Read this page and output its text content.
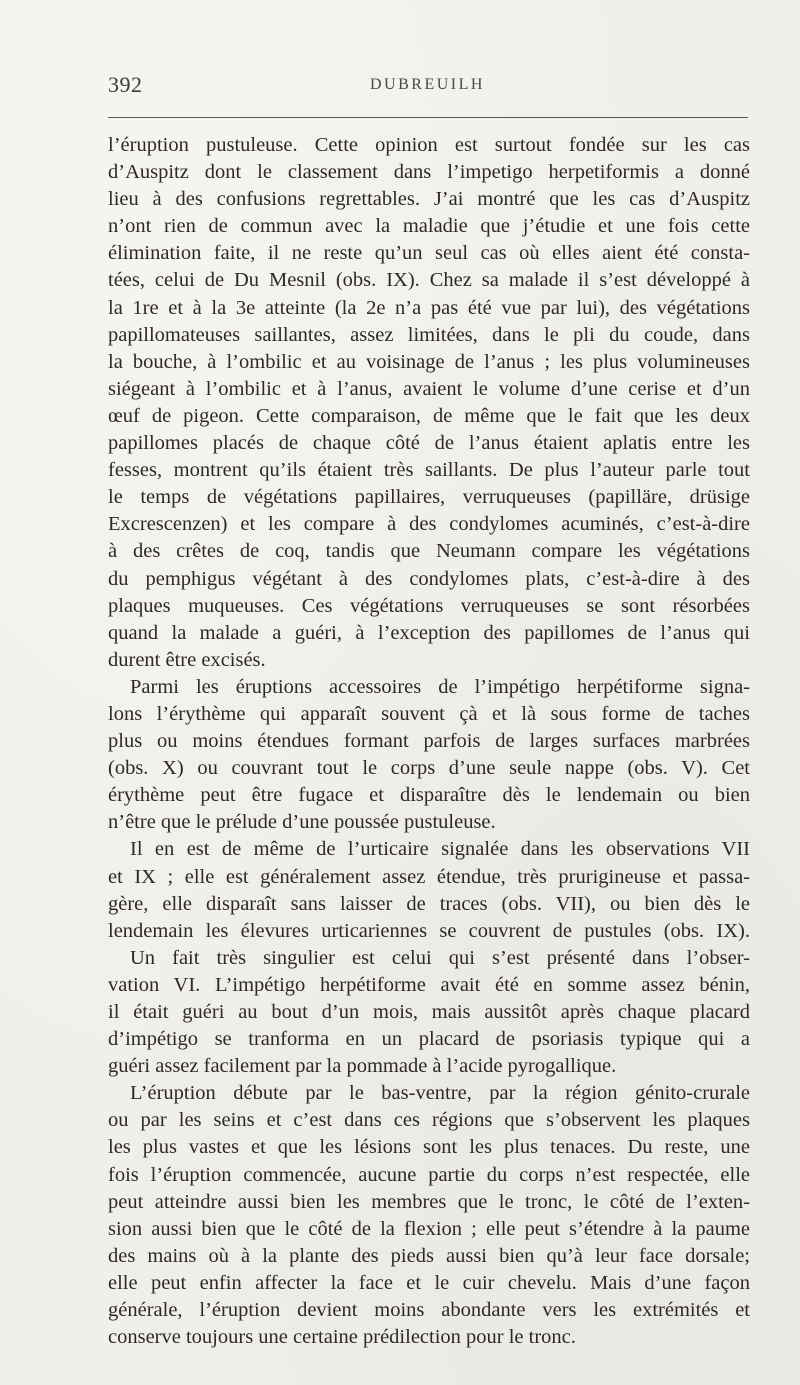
392	DUBREUILH
l’éruption pustuleuse. Cette opinion est surtout fondée sur les cas
d’Auspitz dont le classement dans l’impetigo herpetiformis a donné
lieu à des confusions regrettables. J’ai montré que les cas d’Auspitz
n’ont rien de commun avec la maladie que j’étudie et une fois cette
élimination faite, il ne reste qu’un seul cas où elles aient été consta-
tées, celui de Du Mesnil (obs. IX). Chez sa malade il s’est développé à
la 1re et à la 3e atteinte (la 2e n’a pas été vue par lui), des végétations
papillomateuses saillantes, assez limitées, dans le pli du coude, dans
la bouche, à l’ombilic et au voisinage de l’anus ; les plus volumineuses
siégeant à l’ombilic et à l’anus, avaient le volume d’une cerise et d’un
œuf de pigeon. Cette comparaison, de même que le fait que les deux
papillomes placés de chaque côté de l’anus étaient aplatis entre les
fesses, montrent qu’ils étaient très saillants. De plus l’auteur parle tout
le temps de végétations papillaires, verruqueuses (papilläre, drüsige
Excrescenzen) et les compare à des condylomes acuminés, c’est-à-dire
à des crêtes de coq, tandis que Neumann compare les végétations
du pemphigus végétant à des condylomes plats, c’est-à-dire à des
plaques muqueuses. Ces végétations verruqueuses se sont résorbées
quand la malade a guéri, à l’exception des papillomes de l’anus qui
durent être excisés.
Parmi les éruptions accessoires de l’impétigo herpétiforme signa-
lons l’érythème qui apparaît souvent çà et là sous forme de taches
plus ou moins étendues formant parfois de larges surfaces marbrées
(obs. X) ou couvrant tout le corps d’une seule nappe (obs. V). Cet
érythème peut être fugace et disparaître dès le lendemain ou bien
n’être que le prélude d’une poussée pustuleuse.
Il en est de même de l’urticaire signalée dans les observations VII
et IX ; elle est généralement assez étendue, très prurigineuse et passa-
gère, elle disparaît sans laisser de traces (obs. VII), ou bien dès le
lendemain les élevures urticariennes se couvrent de pustules (obs. IX).
Un fait très singulier est celui qui s’est présenté dans l’obser-
vation VI. L’impétigo herpétiforme avait été en somme assez bénin,
il était guéri au bout d’un mois, mais aussitôt après chaque placard
d’impétigo se tranforma en un placard de psoriasis typique qui a
guéri assez facilement par la pommade à l’acide pyrogallique.
L’éruption débute par le bas-ventre, par la région génito-crurale
ou par les seins et c’est dans ces régions que s’observent les plaques
les plus vastes et que les lésions sont les plus tenaces. Du reste, une
fois l’éruption commencée, aucune partie du corps n’est respectée, elle
peut atteindre aussi bien les membres que le tronc, le côté de l’exten-
sion aussi bien que le côté de la flexion ; elle peut s’étendre à la paume
des mains où à la plante des pieds aussi bien qu’à leur face dorsale;
elle peut enfin affecter la face et le cuir chevelu. Mais d’une façon
générale, l’éruption devient moins abondante vers les extrémités et
conserve toujours une certaine prédilection pour le tronc.
